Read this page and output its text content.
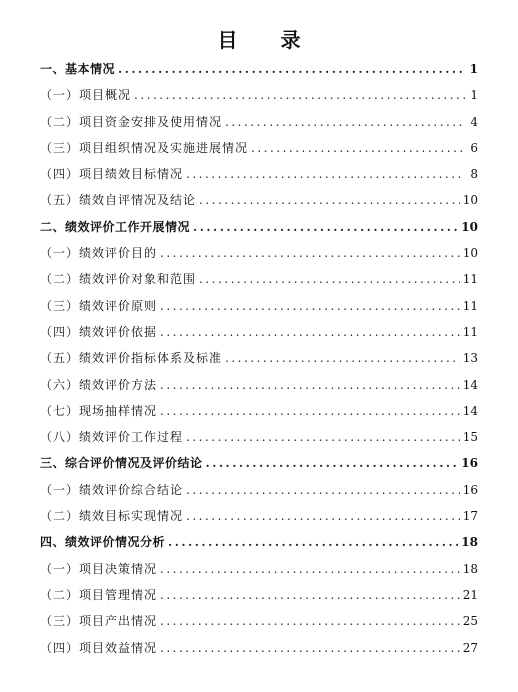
目 录
一、基本情况 .....	1
（一）项目概况 .....	1
（二）项目资金安排及使用情况 .....	4
（三）项目组织情况及实施进展情况 .....	6
（四）项目绩效目标情况 .....	8
（五）绩效自评情况及结论 .....	10
二、绩效评价工作开展情况 .....	10
（一）绩效评价目的 .....	10
（二）绩效评价对象和范围 .....	11
（三）绩效评价原则 .....	11
（四）绩效评价依据 .....	11
（五）绩效评价指标体系及标准 .....	13
（六）绩效评价方法 .....	14
（七）现场抽样情况 .....	14
（八）绩效评价工作过程 .....	15
三、综合评价情况及评价结论 .....	16
（一）绩效评价综合结论 .....	16
（二）绩效目标实现情况 .....	17
四、绩效评价情况分析 .....	18
（一）项目决策情况 .....	18
（二）项目管理情况 .....	21
（三）项目产出情况 .....	25
（四）项目效益情况 .....	27
